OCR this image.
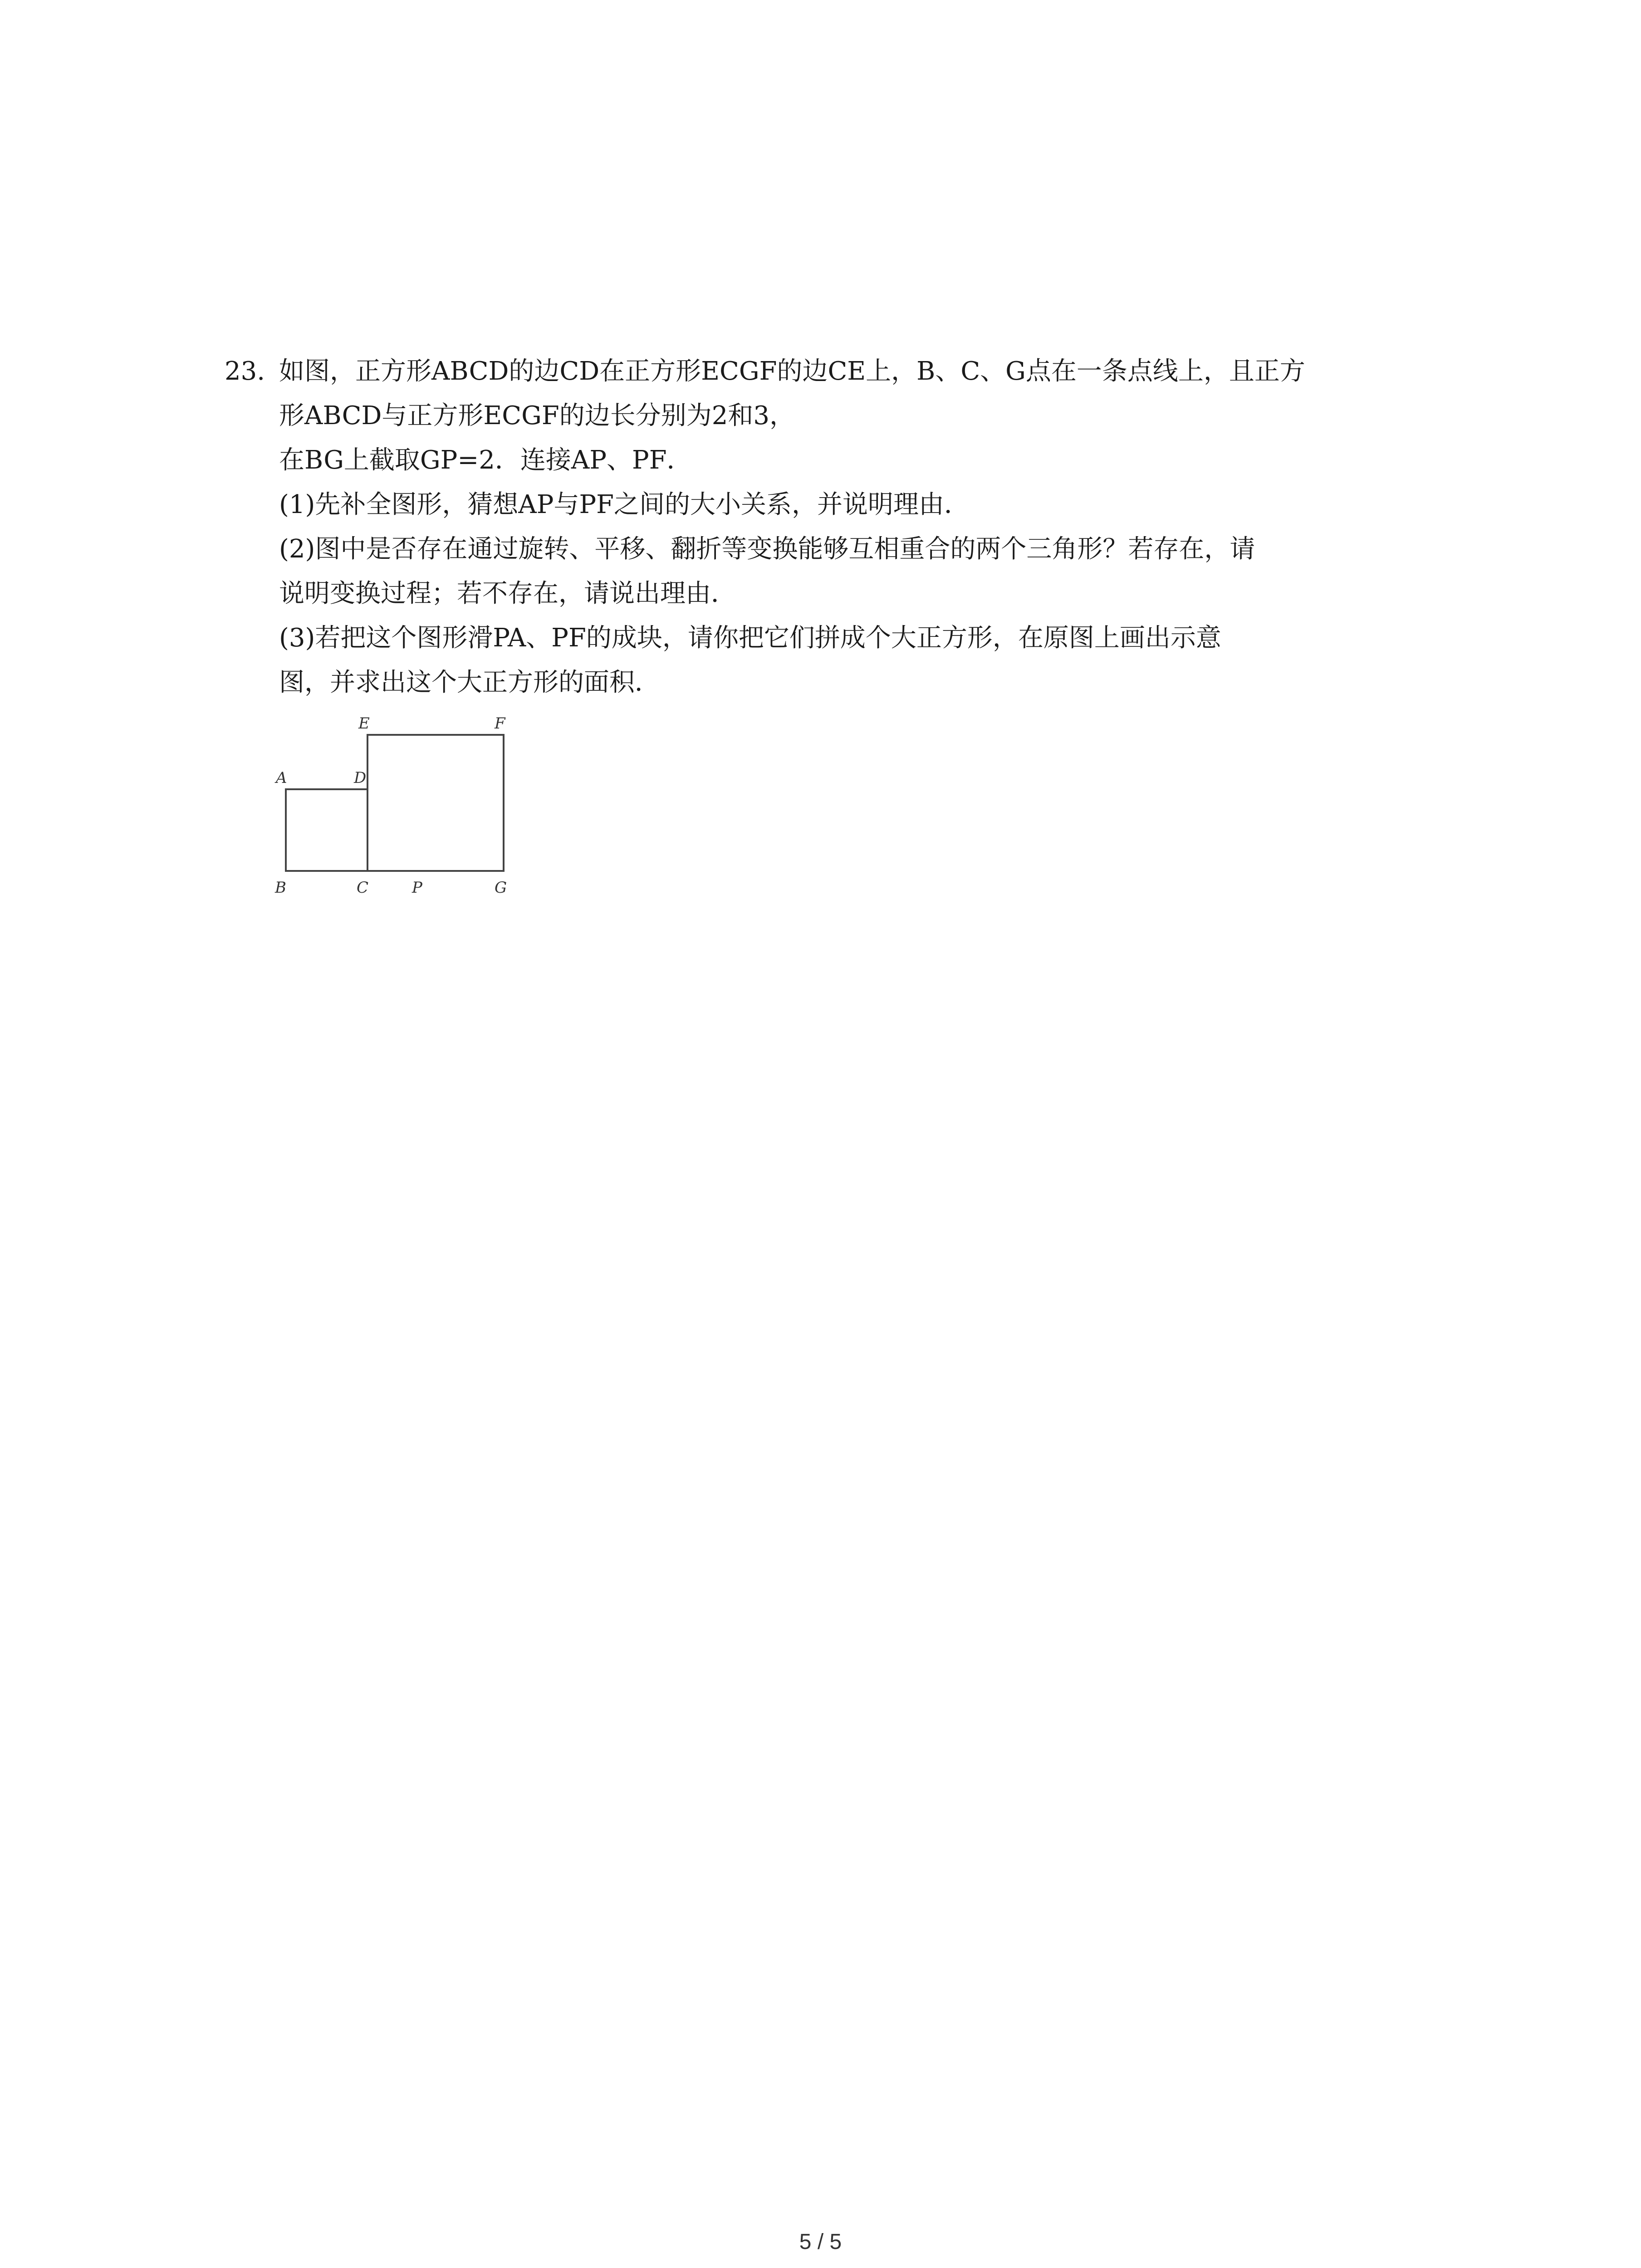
23. 如图，正方形ABCD的边CD在正方形ECGF的边CE上，B、C、G点在一条点线上，且正方
形ABCD与正方形ECGF的边长分别为2和3，
在BG上截取GP=2．连接AP、PF．
(1)先补全图形，猜想AP与PF之间的大小关系，并说明理由．
(2)图中是否存在通过旋转、平移、翻折等变换能够互相重合的两个三角形？若存在，请
说明变换过程；若不存在，请说出理由．
(3)若把这个图形滑PA、PF的成块，请你把它们拼成个大正方形，在原图上画出示意
图，并求出这个大正方形的面积．
E	F
A	D
B	C	P	G
5 / 5
